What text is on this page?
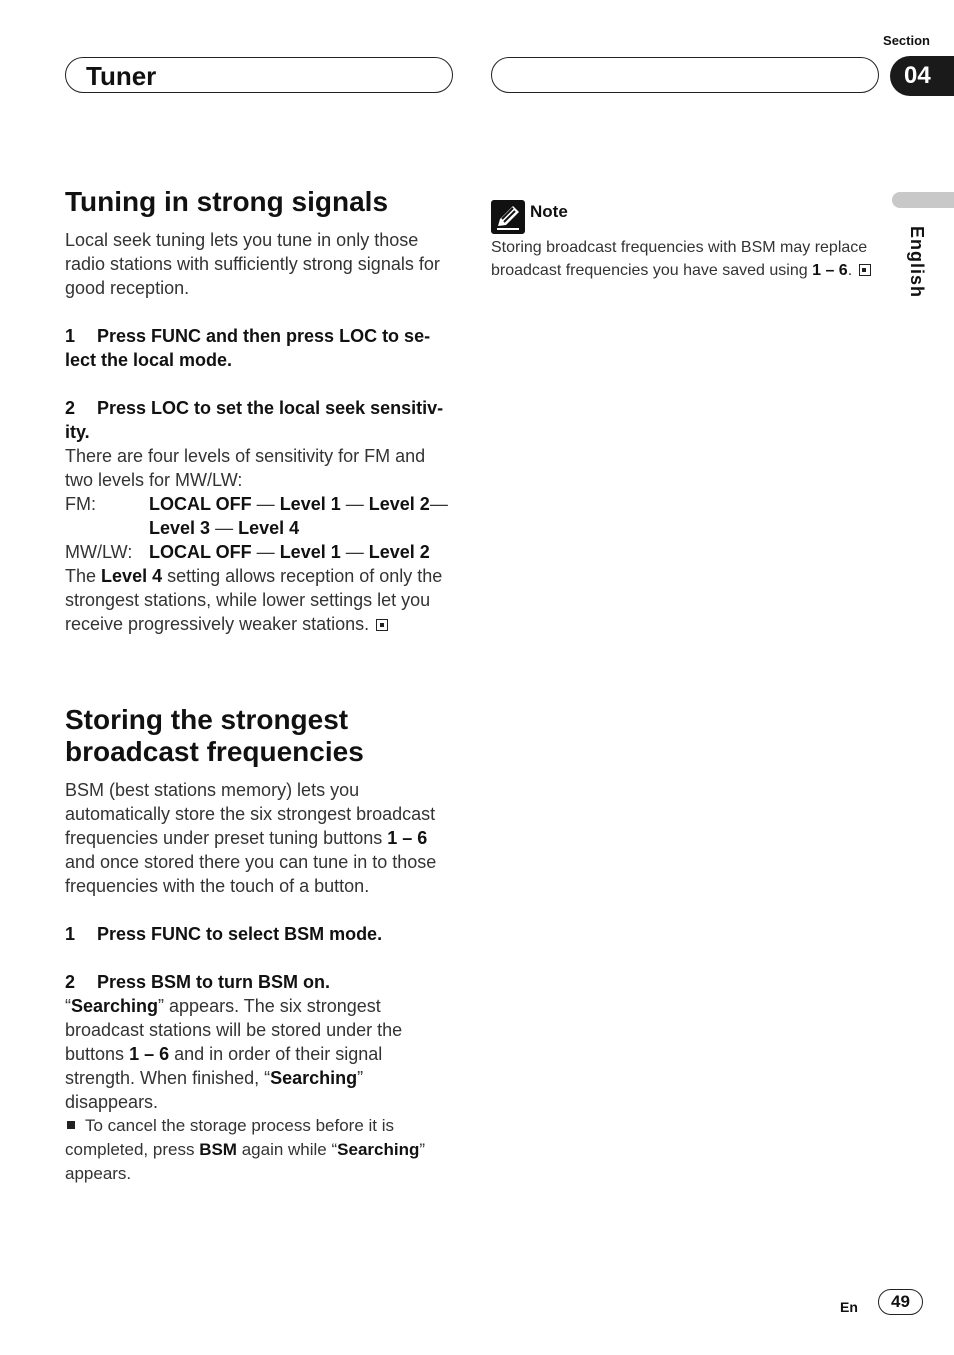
Tuner
Section
04
English
Tuning in strong signals
Local seek tuning lets you tune in only those radio stations with sufficiently strong signals for good reception.
1 Press FUNC and then press LOC to se-
lect the local mode.
2 Press LOC to set the local seek sensitiv-
ity.
There are four levels of sensitivity for FM and two levels for MW/LW:
FM:	LOCAL OFF — Level 1 — Level 2—
Level 3 — Level 4
MW/LW: LOCAL OFF — Level 1 — Level 2
The Level 4 setting allows reception of only the strongest stations, while lower settings let you receive progressively weaker stations.
Storing the strongest
broadcast frequencies
BSM (best stations memory) lets you automatically store the six strongest broadcast frequencies under preset tuning buttons 1 – 6 and once stored there you can tune in to those frequencies with the touch of a button.
1 Press FUNC to select BSM mode.
2 Press BSM to turn BSM on.
“Searching” appears. The six strongest broadcast stations will be stored under the buttons 1 – 6 and in order of their signal strength. When finished, “Searching” disappears.
To cancel the storage process before it is completed, press BSM again while “Searching” appears.
Note
Storing broadcast frequencies with BSM may replace broadcast frequencies you have saved using 1 – 6.
En	49
